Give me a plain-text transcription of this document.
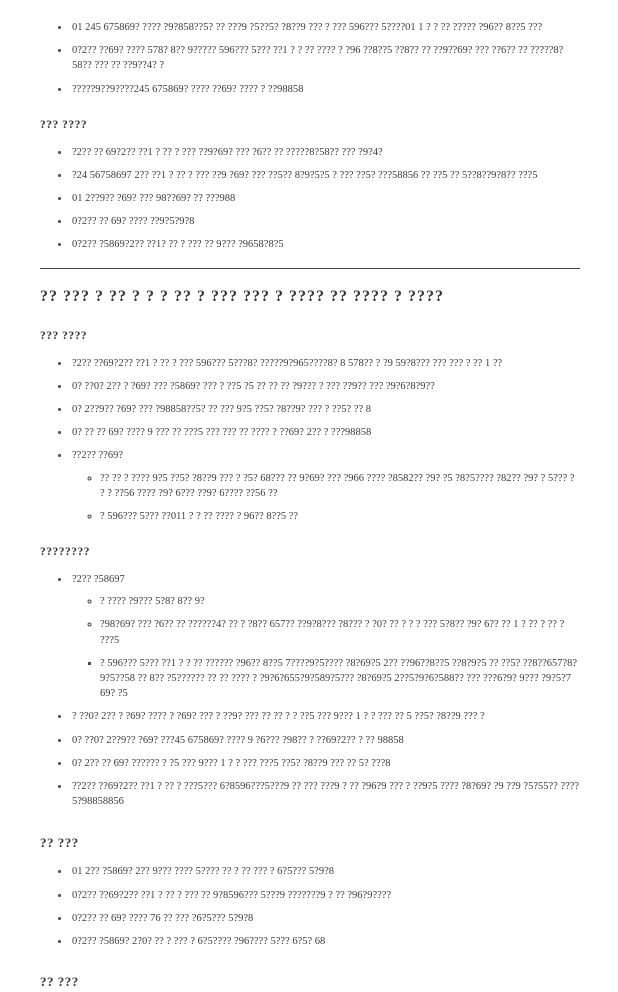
• 01 245 675869? ???? ?9?858??5? ?? ???9 ?5??5? ?8??9 ??? ? ??? 596??? 5????01 1 ? ? ?? ????? ?96?? 8??5 ???
• 0?2?? ??69? ???? 578? 8?? 9????? 596??? 5??? ??1 ? ? ?? ???? ? ?96 ??8??5 ??8?? ?? ??9??69? ??? ??6?? ?? ?????8?58?? ??? ?? ??9??4? ?
• ?????9??9????245 675869? ???? ??69? ???? ? ??98858
??? ????
• ?2?? ?? 69?2?? ??1 ? ?? ? ??? ??9?69? ??? ?6?? ?? ?????8?58?? ??? ?9?4?
• ?24 56758697 2?? ??1 ? ?? ? ??? ??9 ?69? ??? ??5?? 8?9?5?5 ? ??? ??5? ???58856 ?? ??5 ?? 5??8??9?8?? ???5
• 01 2??9?? ?69? ??? 98??69? ?? ???988
• 0?2?? ?? 69? ???? ??9?5?9?8
• 0?2?? ?5869?2?? ??1? ?? ? ??? ?? 9??? ?9658?8?5
?? ??? ? ?? ? ? ? ?? ? ??? ??? ? ???? ?? ???? ? ????
??? ????
• ?2?? ??69?2?? ??1 ? ?? ? ??? 596??? 5???8? ?????9?965????8? 8 578?? ? ?9 59?8??? ??? ??? ? ?? 1 ??
• 0? ??0? 2?? ? ?69? ??? ?5869? ??? ? ??5 ?5 ?? ?? ?? ?9??? ? ??? ??9?? ??? ?9?6?8?9??
• 0? 2??9?? ?69? ??? ?98858??5? ?? ??? 9?5 ??5? ?8??9? ??? ? ??5? ?? 8
• 0? ?? ?? 69? ???? 9 ??? ?? ???5 ??? ??? ?? ???? ? ??69? 2?? ? ???98858
• ??2?? ??69?
◦ ?? ?? ? ???? 9?5 ??5? ?8??9 ??? ? ?5? 68??? ?? 9?69? ??? ?966 ???? ?8582?? ?9? ?5 ?8?5???? ?82?? ?9? ? 5??? ? ? ? ??56 ???? ?9? 6??? ??9? 6???? ??56 ??
◦ ? 596??? 5??? ??011 ? ? ?? ???? ? 96?? 8??5 ??
????????
• ?2?? ?58697
◦ ? ???? ?9??? 5?8? 8?? 9?
◦ ?98?69? ??? ?6?? ?? ??????4? ?? ? ?8?? 657?? ??9?8??? ?8??? ? ?0? ?? ? ? ? ??? 5?8?? ?9? 6?? ?? 1 ? ?? ? ?? ? ???5
▪ ? 596??? 5??? ??1 ? ? ?? ?????? ?96?? 8??5 7????9?5???? ?8?69?5 2?? ??96??8??5 ??8?9?5 ?? ??5? ??8??657?8?9?5??58 ?? 8?? ?5?????? ?? ?? ???? ? ?9?6?655?9?589?5??? ?8?69?5 2??5?9?6?588?? ??? ???6?9? 9??? ?9?5?7 69? ?5
• ? ??0? 2?? ? ?69? ???? ? ?69? ??? ? ??9? ??? ?? ?? ? ? ??5 ??? 9??? 1 ? ? ??? ?? 5 ??5? ?8??9 ??? ?
• 0? ??0? 2??9?? ?69? ???45 675869? ???? 9 ?6??? ?98?? ? ??69?2?? ? ?? 98858
• 0? 2?? ?? 69? ?????? ? ?5 ??? 9??? 1 ? ? ??? ???5 ??5? ?8??9 ??? ?? 5? ???8
• ??2?? ??69?2?? ??1 ? ?? ? ???5??? 6?8596???5???9 ?? ??? ???9 ? ?? ?96?9 ??? ? ??9?5 ???? ?8?69? ?9 ??9 ?5?55?? ????5?98858856
?? ???
• 01 2?? ?5869? 2?? 9??? ???? 5???? ?? ? ?? ??? ? 6?5??? 5?9?8
• 0?2?? ??69?2?? ??1 ? ?? ? ??? ?? 9?8596??? 5???9 ???????9 ? ?? ?96?9????
• 0?2?? ?? 69? ???? 76 ?? ??? ?6?5??? 5?9?8
• 0?2?? ?5869? 2?0? ?? ? ??? ? 6?5???? ?96???? 5??? 6?5? 68
?? ???
